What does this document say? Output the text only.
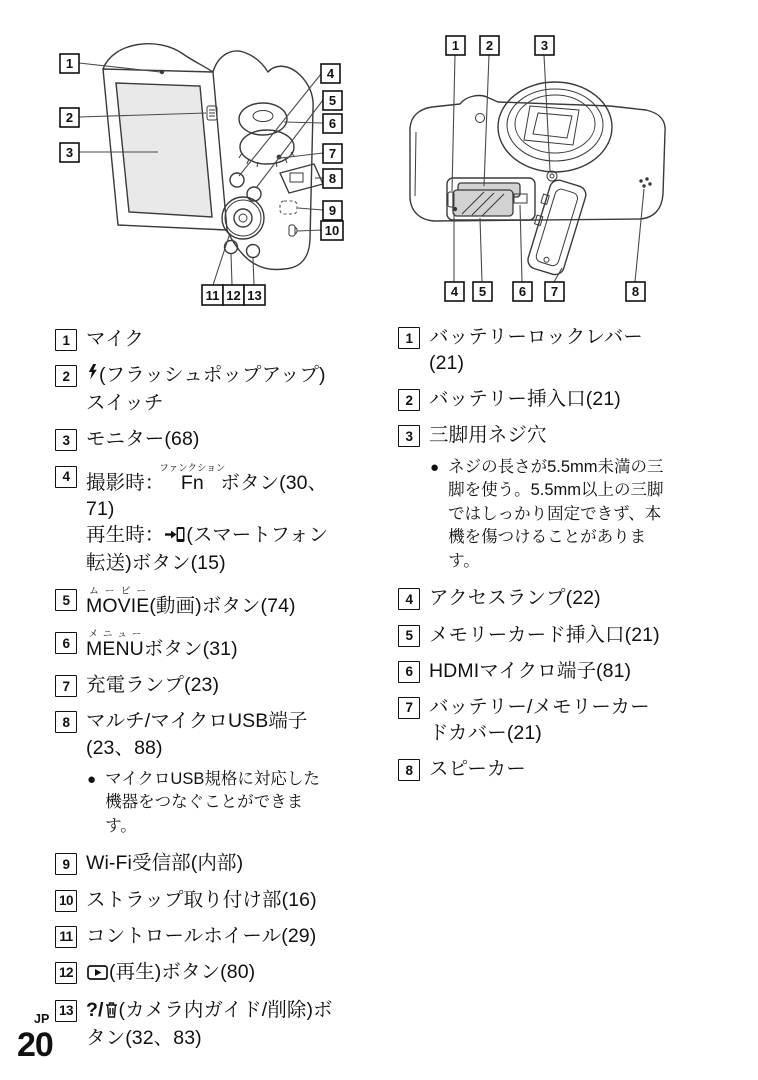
1
2
3
4
5
6
7
8
9
10
11 12 13
1 2	3
4 5	6 7	8
1 マイク
2	(フラッシュポップアップ)スイッチ
3 モニター(68)
4 撮影時：Fnファンクションボタン(30、
71)
再生時： (スマートフォン転送)ボタン(15)
5 MOVIEムービー(動画)ボタン(74)
6 MENUメニューボタン(31)
7 充電ランプ(23)
8 マルチ/マイクロUSB端子(23、88)
● マイクロUSB規格に対応した機器をつなぐことができます。
9 Wi-Fi受信部(内部)
10 ストラップ取り付け部(16)
11 コントロールホイール(29)
12	(再生)ボタン(80)
13 ?/ (カメラ内ガイド/削除)ボタン(32、83)
1 バッテリーロックレバー(21)
2 バッテリー挿入口(21)
3 三脚用ネジ穴
● ネジの長さが5.5mm未満の三脚を使う。5.5mm以上の三脚ではしっかり固定できず、本機を傷つけることがあります。
4 アクセスランプ(22)
5 メモリーカード挿入口(21)
6 HDMIマイクロ端子(81)
7 バッテリー/メモリーカードカバー(21)
8 スピーカー
JP
20
